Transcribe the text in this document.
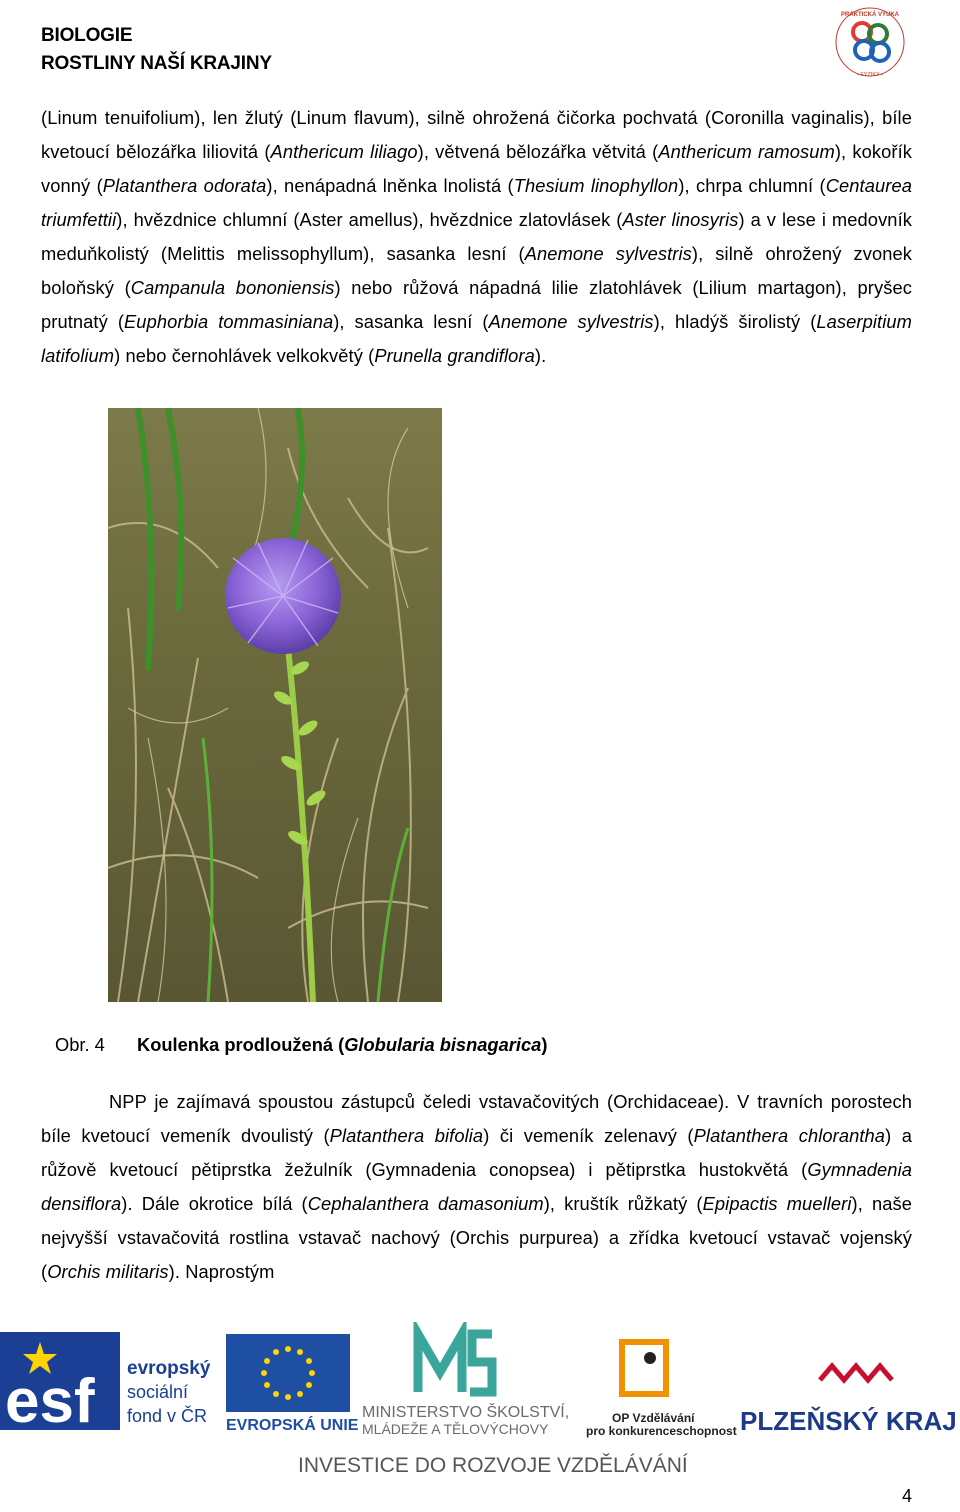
BIOLOGIE
ROSTLINY NAŠÍ KRAJINY
PRAKTICKÁ VÝUKA
• FYZIKY •
(Linum tenuifolium), len žlutý (Linum flavum), silně ohrožená čičorka pochvatá (Coronilla vaginalis), bíle kvetoucí bělozářka liliovitá (Anthericum liliago), větvená bělozářka větvitá (Anthericum ramosum), kokořík vonný (Platanthera odorata), nenápadná lněnka lnolistá (Thesium linophyllon), chrpa chlumní (Centaurea triumfettii), hvězdnice chlumní (Aster amellus), hvězdnice zlatovlásek (Aster linosyris) a v lese i medovník meduňkolistý (Melittis melissophyllum), sasanka lesní (Anemone sylvestris), silně ohrožený zvonek boloňský (Campanula bononiensis) nebo růžová nápadná lilie zlatohlávek (Lilium martagon), pryšec prutnatý (Euphorbia tommasiniana), sasanka lesní (Anemone sylvestris), hladýš širolistý (Laserpitium latifolium) nebo černohlávek velkokvětý (Prunella grandiflora).
Obr. 4 Koulenka prodloužená (Globularia bisnagarica)
NPP je zajímavá spoustou zástupců čeledi vstavačovitých (Orchidaceae). V travních porostech bíle kvetoucí vemeník dvoulistý (Platanthera bifolia) či vemeník zelenavý (Platanthera chlorantha) a růžově kvetoucí pětiprstka žežulník (Gymnadenia conopsea) i pětiprstka hustokvětá (Gymnadenia densiflora). Dále okrotice bílá (Cephalanthera damasonium), kruštík růžkatý (Epipactis muelleri), naše nejvyšší vstavačovitá rostlina vstavač nachový (Orchis purpurea) a zřídka kvetoucí vstavač vojenský (Orchis militaris). Naprostým
esf evropský
sociální
fond v ČR EVROPSKÁ UNIE
MINISTERSTVO ŠKOLSTVÍ,
MLÁDEŽE A TĚLOVÝCHOVY
OP Vzdělávání
pro konkurenceschopnost PLZEŇSKÝ KRAJ
INVESTICE DO ROZVOJE VZDĚLÁVÁNÍ
4
